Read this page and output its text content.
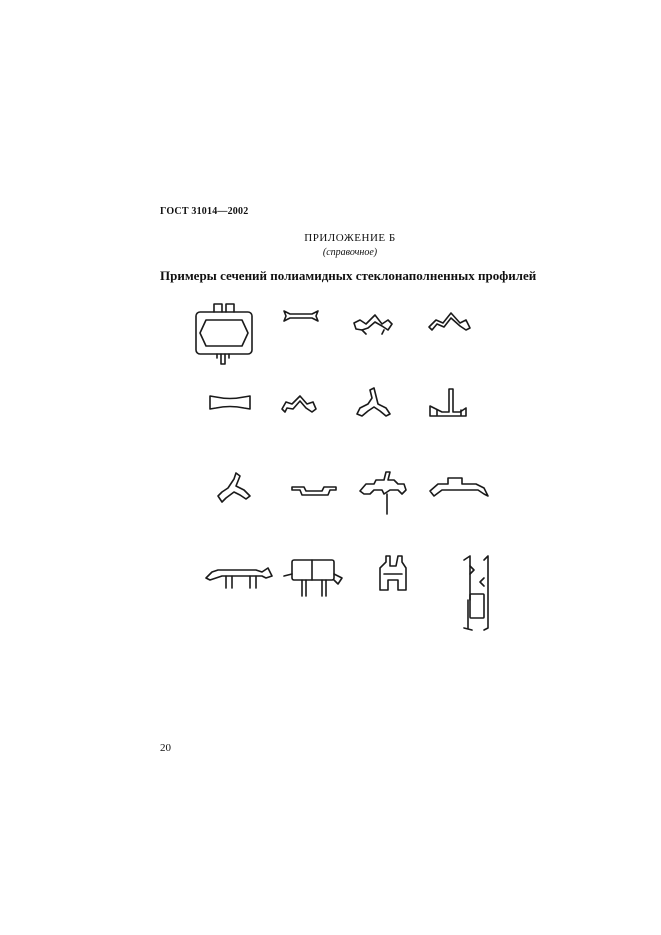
ГОСТ 31014—2002
ПРИЛОЖЕНИЕ Б
(справочное)
Примеры сечений полиамидных стеклонаполненных профилей
20
